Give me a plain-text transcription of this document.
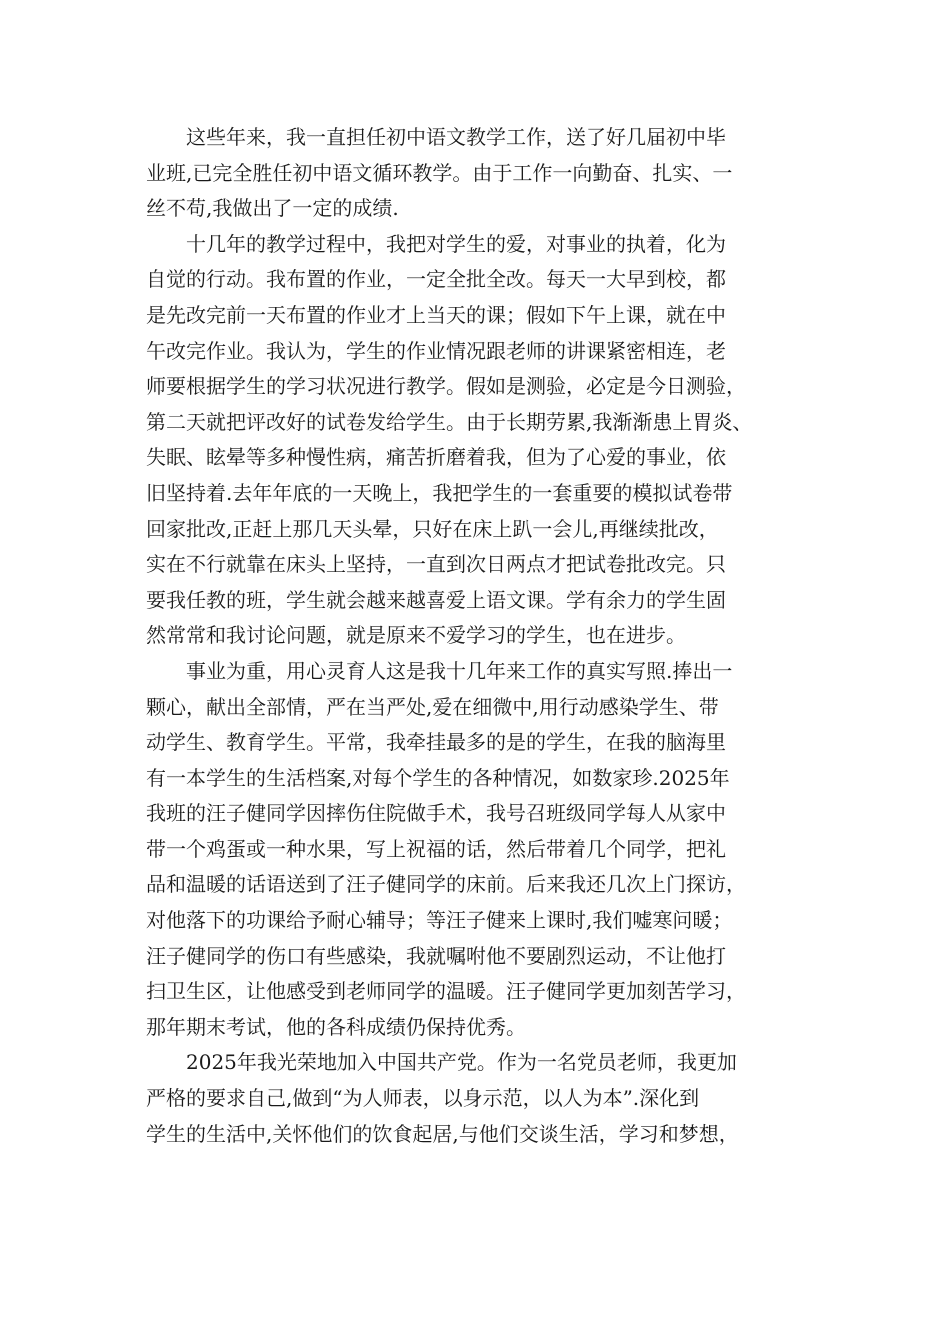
这些年来，我一直担任初中语文教学工作，送了好几届初中毕
业班,已完全胜任初中语文循环教学。由于工作一向勤奋、扎实、一
丝不苟,我做出了一定的成绩.
十几年的教学过程中，我把对学生的爱，对事业的执着，化为
自觉的行动。我布置的作业，一定全批全改。每天一大早到校，都
是先改完前一天布置的作业才上当天的课；假如下午上课，就在中
午改完作业。我认为，学生的作业情况跟老师的讲课紧密相连，老
师要根据学生的学习状况进行教学。假如是测验，必定是今日测验，
第二天就把评改好的试卷发给学生。由于长期劳累,我渐渐患上胃炎、
失眠、眩晕等多种慢性病，痛苦折磨着我，但为了心爱的事业，依
旧坚持着.去年年底的一天晚上，我把学生的一套重要的模拟试卷带
回家批改,正赶上那几天头晕，只好在床上趴一会儿,再继续批改，
实在不行就靠在床头上坚持，一直到次日两点才把试卷批改完。只
要我任教的班，学生就会越来越喜爱上语文课。学有余力的学生固
然常常和我讨论问题，就是原来不爱学习的学生，也在进步。
事业为重，用心灵育人这是我十几年来工作的真实写照.捧出一
颗心，献出全部情，严在当严处,爱在细微中,用行动感染学生、带
动学生、教育学生。平常，我牵挂最多的是的学生，在我的脑海里
有一本学生的生活档案,对每个学生的各种情况，如数家珍.2025年
我班的汪子健同学因摔伤住院做手术，我号召班级同学每人从家中
带一个鸡蛋或一种水果，写上祝福的话，然后带着几个同学，把礼
品和温暖的话语送到了汪子健同学的床前。后来我还几次上门探访，
对他落下的功课给予耐心辅导；等汪子健来上课时,我们嘘寒问暖；
汪子健同学的伤口有些感染，我就嘱咐他不要剧烈运动，不让他打
扫卫生区，让他感受到老师同学的温暖。汪子健同学更加刻苦学习，
那年期末考试，他的各科成绩仍保持优秀。
2025年我光荣地加入中国共产党。作为一名党员老师，我更加
严格的要求自己,做到“为人师表，以身示范，以人为本”.深化到
学生的生活中,关怀他们的饮食起居,与他们交谈生活，学习和梦想，
